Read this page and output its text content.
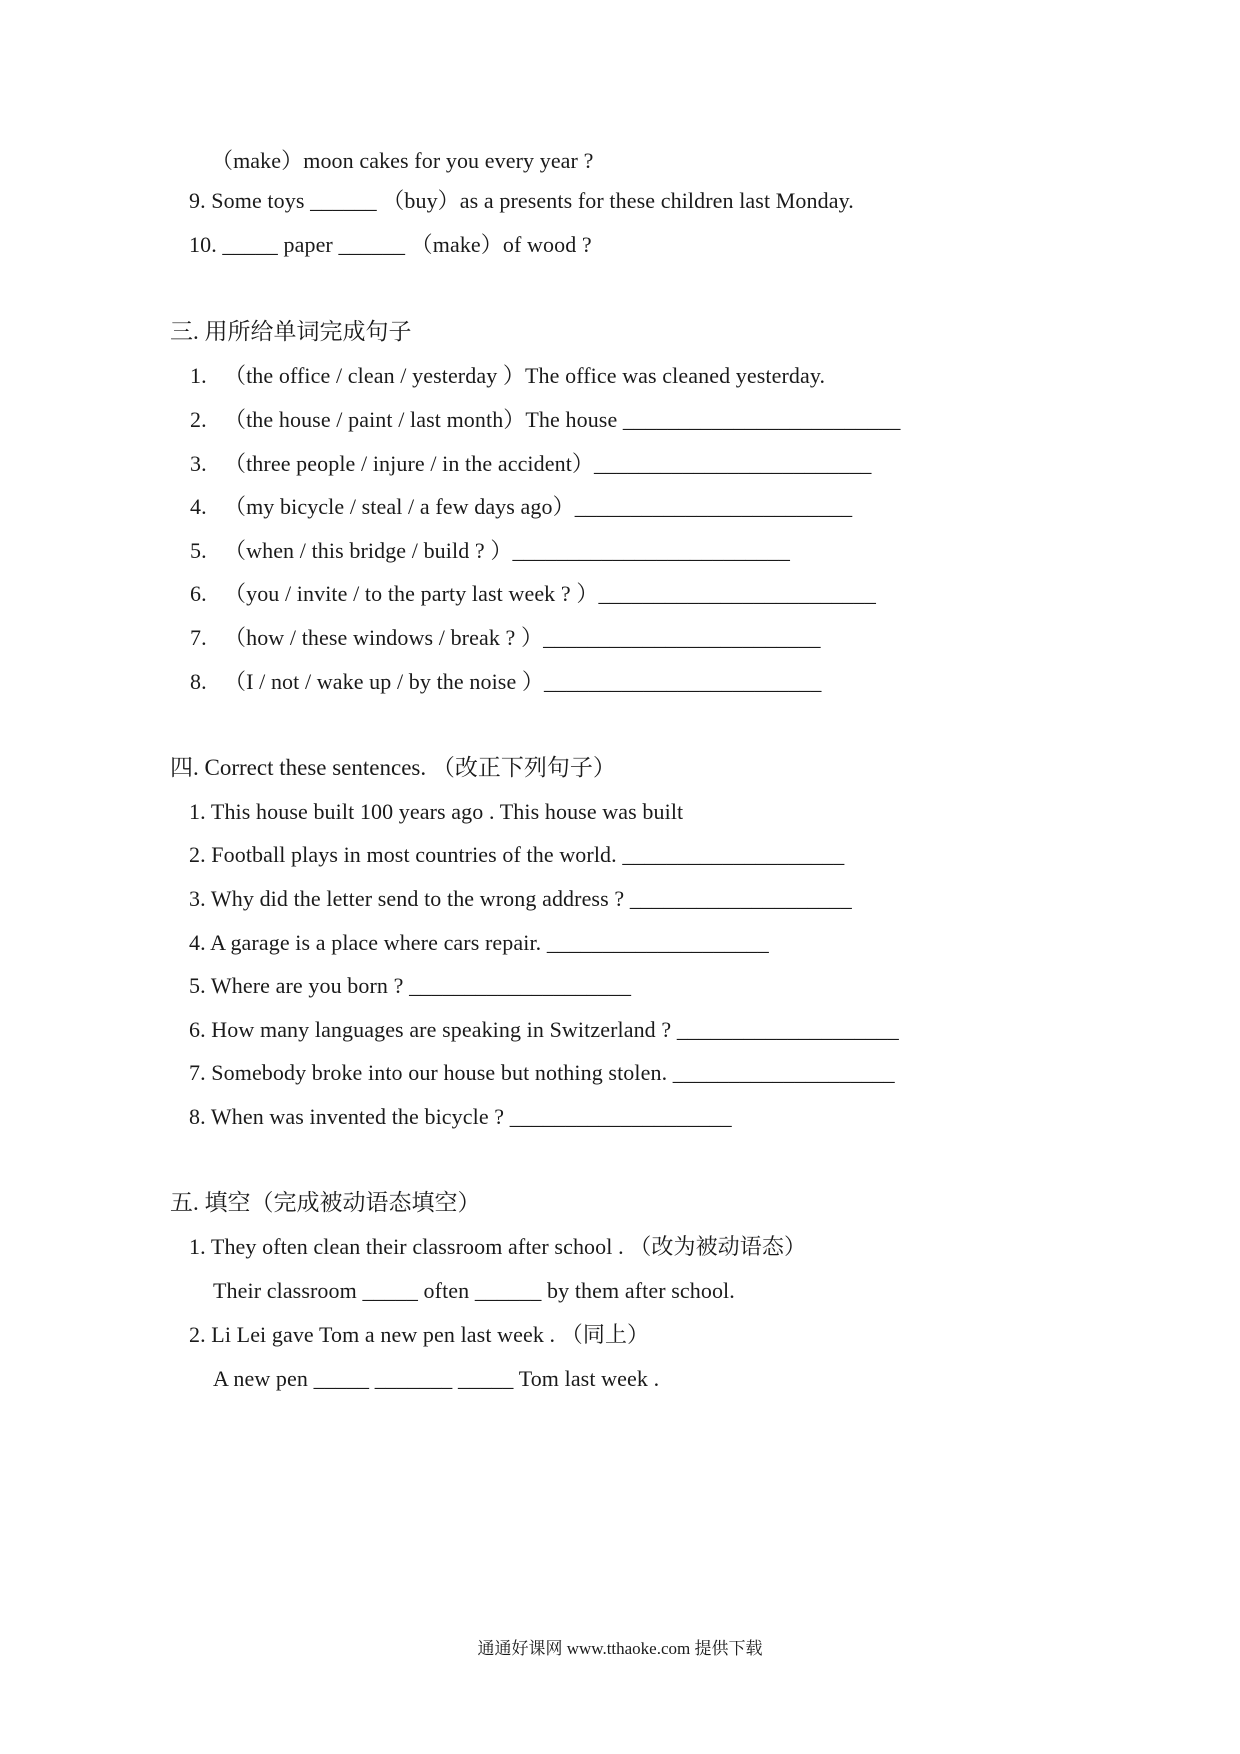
（make）moon cakes for you every year ?
9. Some toys ______ （buy）as a presents for these children last Monday.
10. _____ paper ______ （make）of wood ?
三. 用所给单词完成句子
1. （the office / clean / yesterday ）The office was cleaned yesterday.
2. （the house / paint / last month）The house _________________________
3. （three people / injure / in the accident）_________________________
4. （my bicycle / steal / a few days ago）_________________________
5. （when / this bridge / build ? ）_________________________
6. （you / invite / to the party last week ? ）_________________________
7. （how / these windows / break ? ）_________________________
8. （I / not / wake up / by the noise ）_________________________
四. Correct these sentences. （改正下列句子）
1. This house built 100 years ago . This house was built
2. Football plays in most countries of the world. ____________________
3. Why did the letter send to the wrong address ? ____________________
4. A garage is a place where cars repair. ____________________
5. Where are you born ? ____________________
6. How many languages are speaking in Switzerland ? ____________________
7. Somebody broke into our house but nothing stolen. ____________________
8. When was invented the bicycle ? ____________________
五. 填空（完成被动语态填空）
1. They often clean their classroom after school . （改为被动语态）
Their classroom _____ often ______ by them after school.
2. Li Lei gave Tom a new pen last week . （同上）
A new pen _____ _______ _____ Tom last week .
通通好课网 www.tthaoke.com 提供下载
